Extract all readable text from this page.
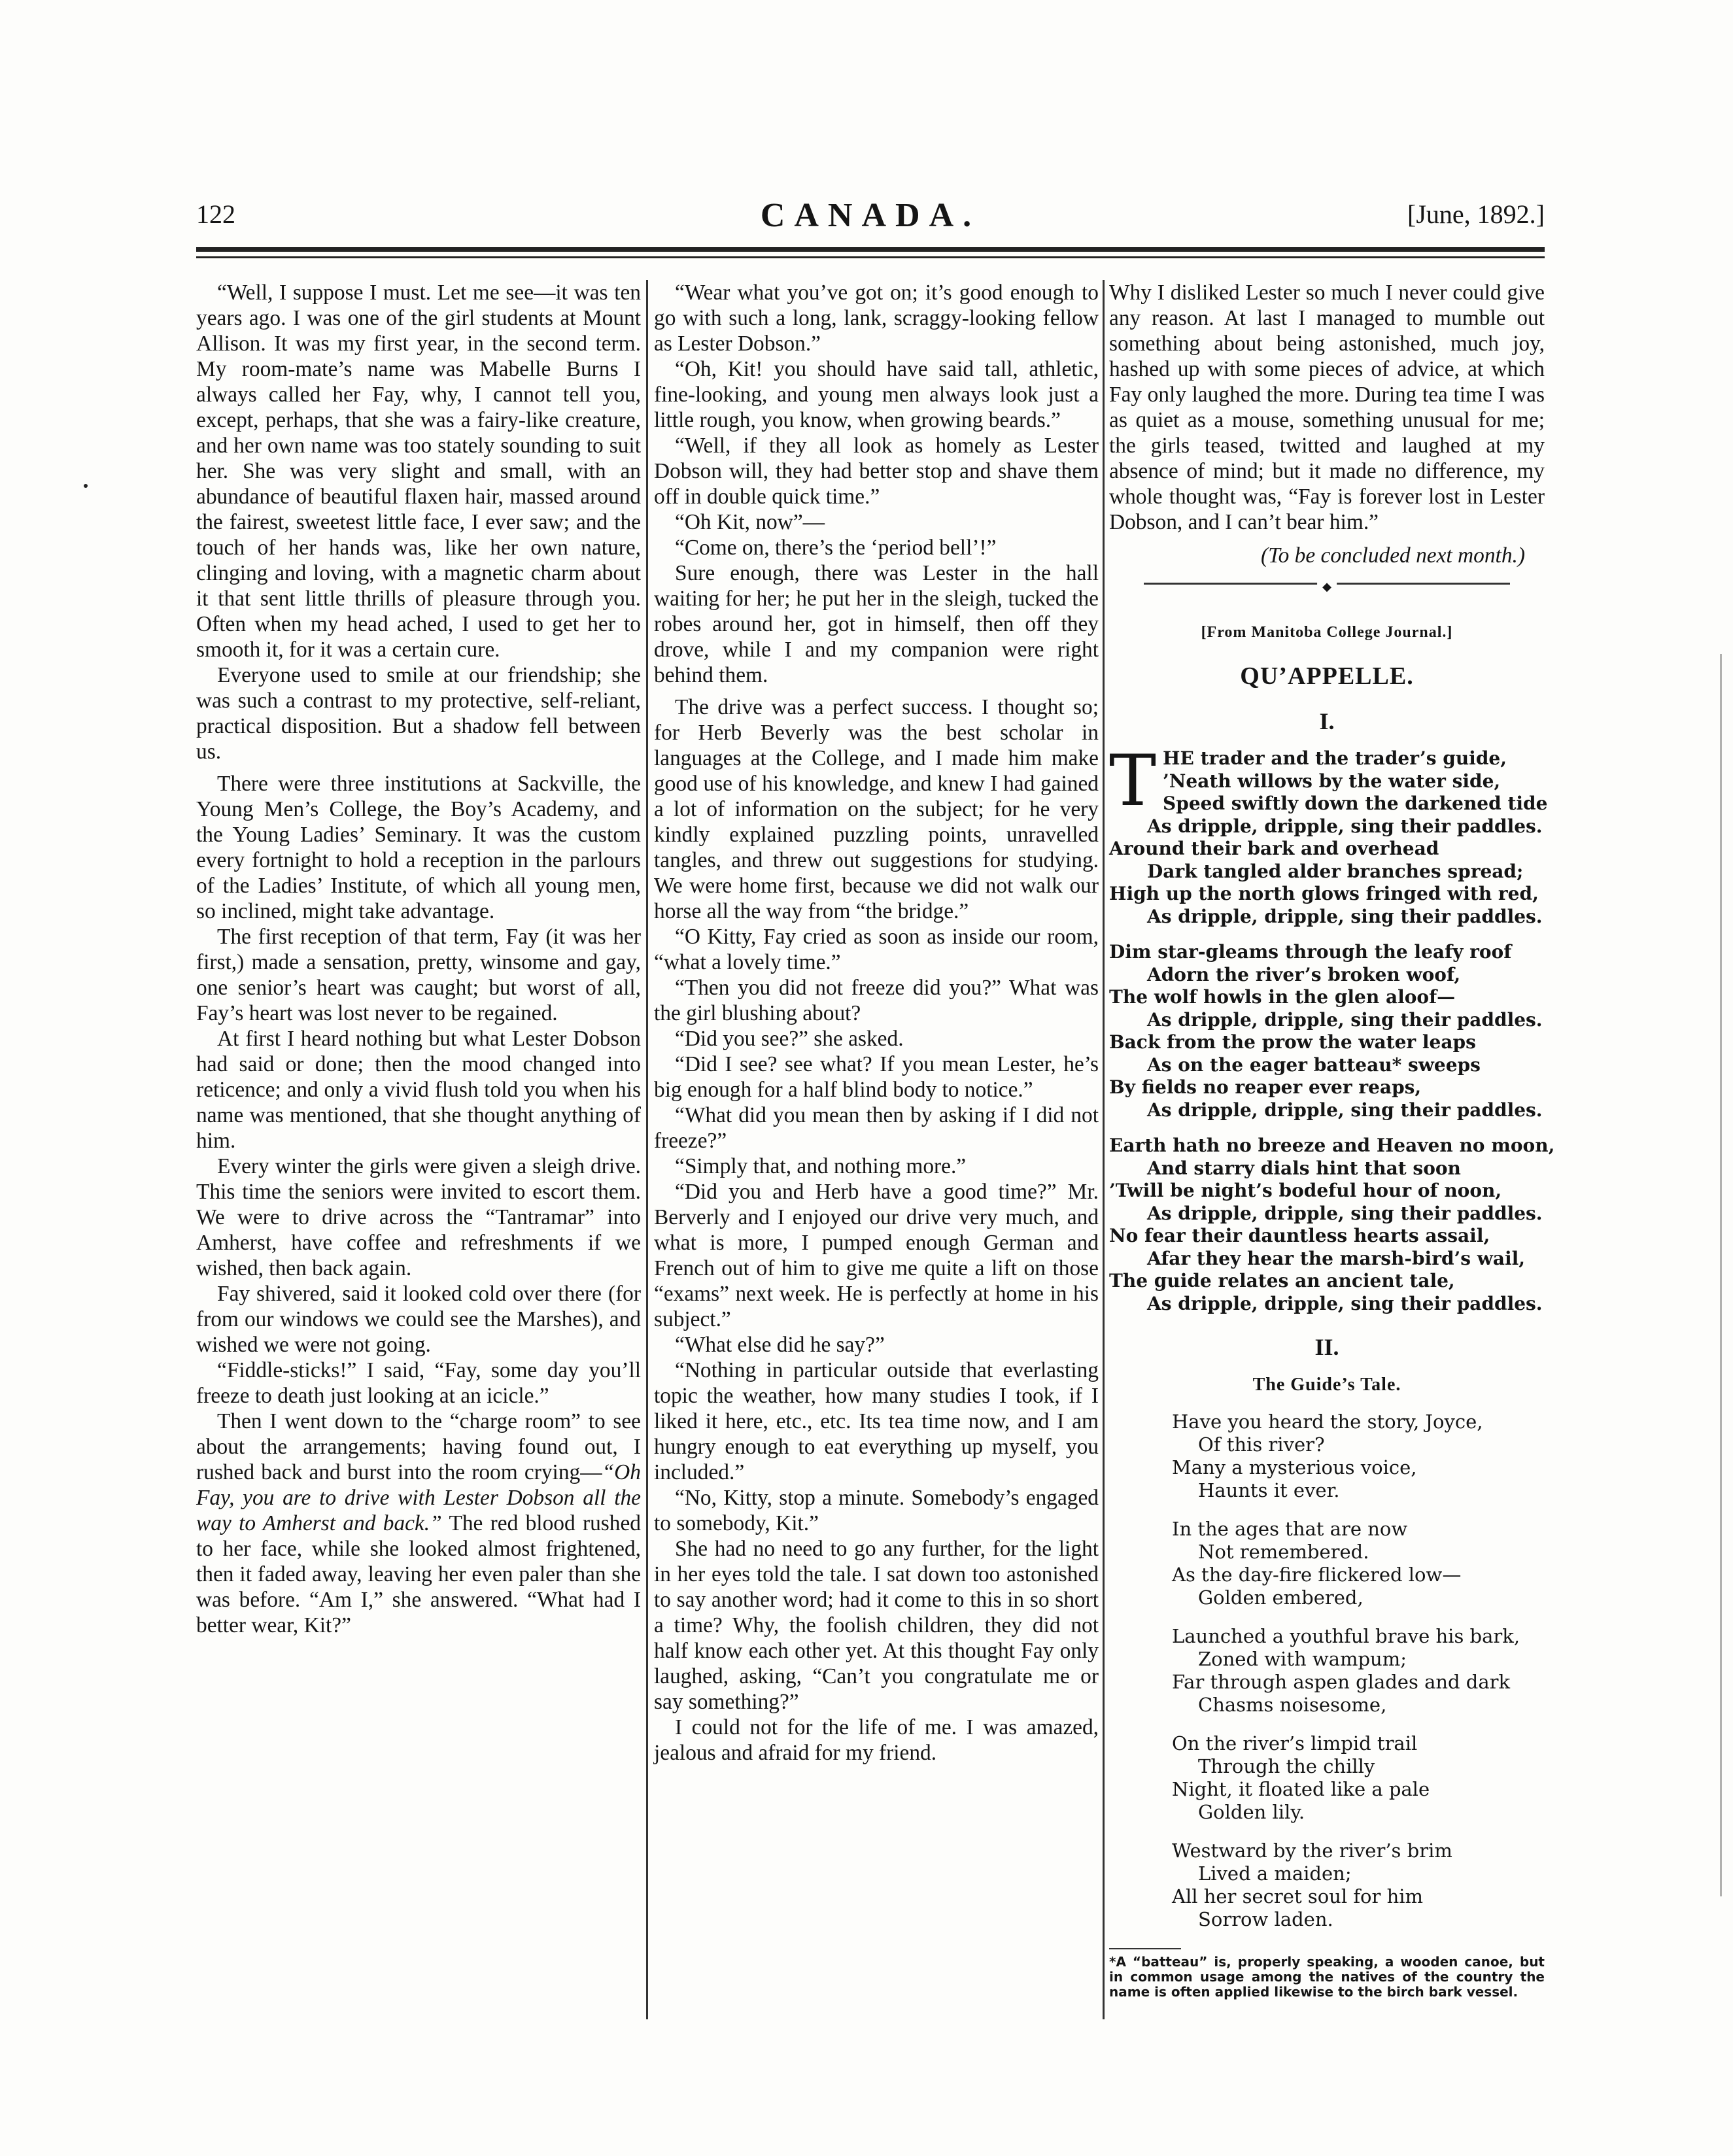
122	CANADA.	[June, 1892.]

“Well, I suppose I must. Let me see—it was ten years ago. I was one of the girl students at Mount Allison. It was my first year, in the second term. My room-mate’s name was Mabelle Burns I always called her Fay, why, I cannot tell you, except, perhaps, that she was a fairy-like creature, and her own name was too stately sounding to suit her. She was very slight and small, with an abundance of beautiful flaxen hair, massed around the fairest, sweetest little face, I ever saw; and the touch of her hands was, like her own nature, clinging and loving, with a magnetic charm about it that sent little thrills of pleasure through you. Often when my head ached, I used to get her to smooth it, for it was a certain cure.

Everyone used to smile at our friendship; she was such a contrast to my protective, self-reliant, practical disposition. But a shadow fell between us.

There were three institutions at Sackville, the Young Men’s College, the Boy’s Academy, and the Young Ladies’ Seminary. It was the custom every fortnight to hold a reception in the parlours of the Ladies’ Institute, of which all young men, so inclined, might take advantage.

The first reception of that term, Fay (it was her first,) made a sensation, pretty, winsome and gay, one senior’s heart was caught; but worst of all, Fay’s heart was lost never to be regained.

At first I heard nothing but what Lester Dobson had said or done; then the mood changed into reticence; and only a vivid flush told you when his name was mentioned, that she thought anything of him.

Every winter the girls were given a sleigh drive. This time the seniors were invited to escort them. We were to drive across the “Tantramar” into Amherst, have coffee and refreshments if we wished, then back again.

Fay shivered, said it looked cold over there (for from our windows we could see the Marshes), and wished we were not going.

“Fiddle-sticks!” I said, “Fay, some day you’ll freeze to death just looking at an icicle.”

Then I went down to the “charge room” to see about the arrangements; having found out, I rushed back and burst into the room crying—“Oh Fay, you are to drive with Lester Dobson all the way to Amherst and back.” The red blood rushed to her face, while she looked almost frightened, then it faded away, leaving her even paler than she was before. “Am I,” she answered. “What had I better wear, Kit?”

“Wear what you’ve got on; it’s good enough to go with such a long, lank, scraggy-looking fellow as Lester Dobson.”

“Oh, Kit! you should have said tall, athletic, fine-looking, and young men always look just a little rough, you know, when growing beards.”

“Well, if they all look as homely as Lester Dobson will, they had better stop and shave them off in double quick time.”

“Oh Kit, now”—

“Come on, there’s the ‘period bell’!”

Sure enough, there was Lester in the hall waiting for her; he put her in the sleigh, tucked the robes around her, got in himself, then off they drove, while I and my companion were right behind them.

The drive was a perfect success. I thought so; for Herb Beverly was the best scholar in languages at the College, and I made him make good use of his knowledge, and knew I had gained a lot of information on the subject; for he very kindly explained puzzling points, unravelled tangles, and threw out suggestions for studying. We were home first, because we did not walk our horse all the way from “the bridge.”

“O Kitty, Fay cried as soon as inside our room, “what a lovely time.”

“Then you did not freeze did you?” What was the girl blushing about?

“Did you see?” she asked.

“Did I see? see what? If you mean Lester, he’s big enough for a half blind body to notice.”

“What did you mean then by asking if I did not freeze?”

“Simply that, and nothing more.”

“Did you and Herb have a good time?” Mr. Berverly and I enjoyed our drive very much, and what is more, I pumped enough German and French out of him to give me quite a lift on those “exams” next week. He is perfectly at home in his subject.”

“What else did he say?”

“Nothing in particular outside that everlasting topic the weather, how many studies I took, if I liked it here, etc., etc. Its tea time now, and I am hungry enough to eat everything up myself, you included.”

“No, Kitty, stop a minute. Somebody’s engaged to somebody, Kit.”

She had no need to go any further, for the light in her eyes told the tale. I sat down too astonished to say another word; had it come to this in so short a time? Why, the foolish children, they did not half know each other yet. At this thought Fay only laughed, asking, “Can’t you congratulate me or say something?”

I could not for the life of me. I was amazed, jealous and afraid for my friend.

Why I disliked Lester so much I never could give any reason. At last I managed to mumble out something about being astonished, much joy, hashed up with some pieces of advice, at which Fay only laughed the more. During tea time I was as quiet as a mouse, something unusual for me; the girls teased, twitted and laughed at my absence of mind; but it made no difference, my whole thought was, “Fay is forever lost in Lester Dobson, and I can’t bear him.”

(To be concluded next month.)

◆
[From Manitoba College Journal.]
QU’APPELLE.
I.
T HE trader and the trader’s guide,
’Neath willows by the water side,
Speed swiftly down the darkened tide
As dripple, dripple, sing their paddles.
Around their bark and overhead
Dark tangled alder branches spread;
High up the north glows fringed with red,
As dripple, dripple, sing their paddles.
Dim star-gleams through the leafy roof
Adorn the river’s broken woof,
The wolf howls in the glen aloof—
As dripple, dripple, sing their paddles.
Back from the prow the water leaps
As on the eager batteau* sweeps
By fields no reaper ever reaps,
As dripple, dripple, sing their paddles.
Earth hath no breeze and Heaven no moon,
And starry dials hint that soon
’Twill be night’s bodeful hour of noon,
As dripple, dripple, sing their paddles.
No fear their dauntless hearts assail,
Afar they hear the marsh-bird’s wail,
The guide relates an ancient tale,
As dripple, dripple, sing their paddles.
II.
The Guide’s Tale.
Have you heard the story, Joyce,
Of this river?
Many a mysterious voice,
Haunts it ever.
In the ages that are now
Not remembered.
As the day-fire flickered low—
Golden embered,
Launched a youthful brave his bark,
Zoned with wampum;
Far through aspen glades and dark
Chasms noisesome,
On the river’s limpid trail
Through the chilly
Night, it floated like a pale
Golden lily.
Westward by the river’s brim
Lived a maiden;
All her secret soul for him
Sorrow laden.
*A “batteau” is, properly speaking, a wooden canoe, but in common usage among the natives of the country the name is often applied likewise to the birch bark vessel.
